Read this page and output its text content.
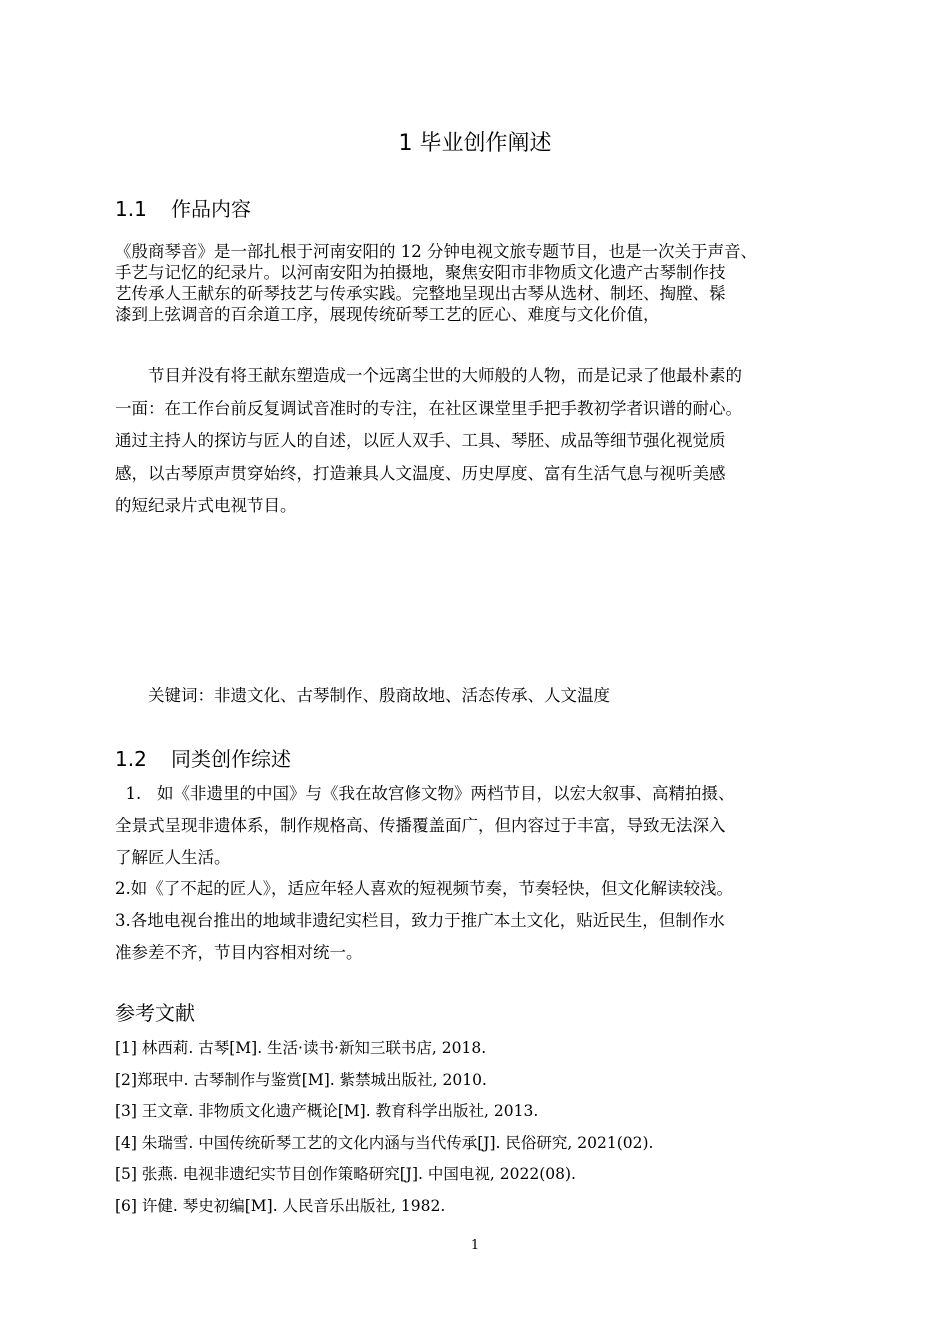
1 毕业创作阐述
1.1 作品内容
《殷商琴音》是一部扎根于河南安阳的 12 分钟电视文旅专题节目，也是一次关于声音、
手艺与记忆的纪录片。以河南安阳为拍摄地，聚焦安阳市非物质文化遗产古琴制作技
艺传承人王献东的斫琴技艺与传承实践。完整地呈现出古琴从选材、制坯、掏膛、髹
漆到上弦调音的百余道工序，展现传统斫琴工艺的匠心、难度与文化价值，
节目并没有将王献东塑造成一个远离尘世的大师般的人物，而是记录了他最朴素的
一面：在工作台前反复调试音准时的专注，在社区课堂里手把手教初学者识谱的耐心。
通过主持人的探访与匠人的自述，以匠人双手、工具、琴胚、成品等细节强化视觉质
感，以古琴原声贯穿始终，打造兼具人文温度、历史厚度、富有生活气息与视听美感
的短纪录片式电视节目。
关键词：非遗文化、古琴制作、殷商故地、活态传承、人文温度
1.2 同类创作综述
1.   如《非遗里的中国》与《我在故宫修文物》两档节目，以宏大叙事、高精拍摄、
全景式呈现非遗体系，制作规格高、传播覆盖面广，但内容过于丰富，导致无法深入
了解匠人生活。
2.如《了不起的匠人》，适应年轻人喜欢的短视频节奏，节奏轻快，但文化解读较浅。
3.各地电视台推出的地域非遗纪实栏目，致力于推广本土文化，贴近民生，但制作水
准参差不齐，节目内容相对统一。
参考文献
[1] 林西莉. 古琴[M]. 生活·读书·新知三联书店, 2018.
[2]郑珉中. 古琴制作与鉴赏[M]. 紫禁城出版社, 2010.
[3] 王文章. 非物质文化遗产概论[M]. 教育科学出版社, 2013.
[4] 朱瑞雪. 中国传统斫琴工艺的文化内涵与当代传承[J]. 民俗研究, 2021(02).
[5] 张燕. 电视非遗纪实节目创作策略研究[J]. 中国电视, 2022(08).
[6] 许健. 琴史初编[M]. 人民音乐出版社, 1982.
1
